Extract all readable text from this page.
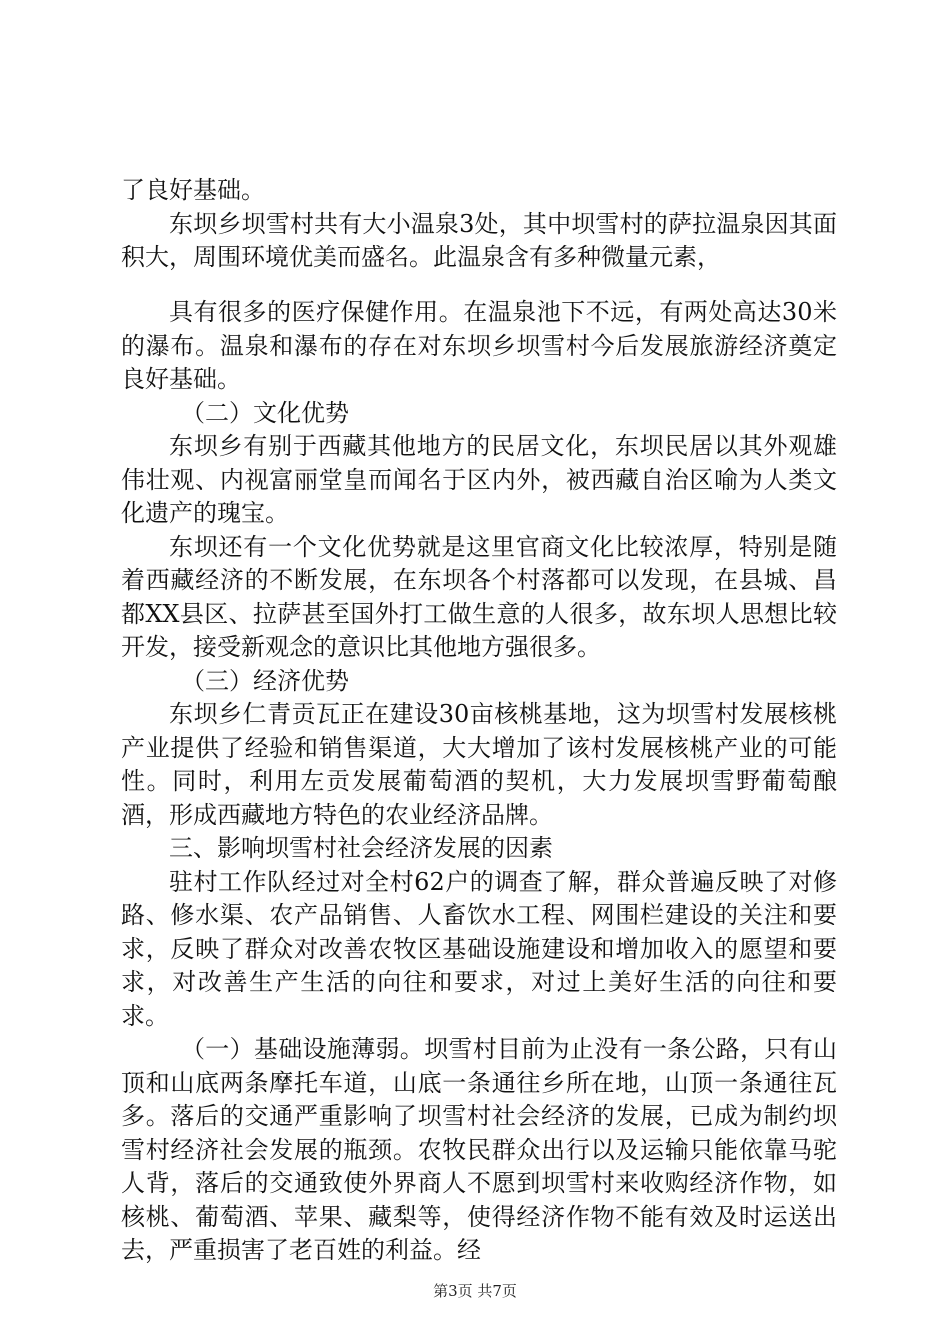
了良好基础。

东坝乡坝雪村共有大小温泉3处，其中坝雪村的萨拉温泉因其面积大，周围环境优美而盛名。此温泉含有多种微量元素，

具有很多的医疗保健作用。在温泉池下不远，有两处高达30米的瀑布。温泉和瀑布的存在对东坝乡坝雪村今后发展旅游经济奠定良好基础。

（二）文化优势

东坝乡有别于西藏其他地方的民居文化，东坝民居以其外观雄伟壮观、内视富丽堂皇而闻名于区内外，被西藏自治区喻为人类文化遗产的瑰宝。

东坝还有一个文化优势就是这里官商文化比较浓厚，特别是随着西藏经济的不断发展，在东坝各个村落都可以发现，在县城、昌都XX县区、拉萨甚至国外打工做生意的人很多，故东坝人思想比较开发，接受新观念的意识比其他地方强很多。

（三）经济优势

东坝乡仁青贡瓦正在建设30亩核桃基地，这为坝雪村发展核桃产业提供了经验和销售渠道，大大增加了该村发展核桃产业的可能性。同时，利用左贡发展葡萄酒的契机，大力发展坝雪野葡萄酿酒，形成西藏地方特色的农业经济品牌。

三、影响坝雪村社会经济发展的因素

驻村工作队经过对全村62户的调查了解，群众普遍反映了对修路、修水渠、农产品销售、人畜饮水工程、网围栏建设的关注和要求，反映了群众对改善农牧区基础设施建设和增加收入的愿望和要求，对改善生产生活的向往和要求，对过上美好生活的向往和要求。

（一）基础设施薄弱。坝雪村目前为止没有一条公路，只有山顶和山底两条摩托车道，山底一条通往乡所在地，山顶一条通往瓦多。落后的交通严重影响了坝雪村社会经济的发展，已成为制约坝雪村经济社会发展的瓶颈。农牧民群众出行以及运输只能依靠马驼人背，落后的交通致使外界商人不愿到坝雪村来收购经济作物，如核桃、葡萄酒、苹果、藏梨等，使得经济作物不能有效及时运送出去，严重损害了老百姓的利益。经

第3页 共7页
